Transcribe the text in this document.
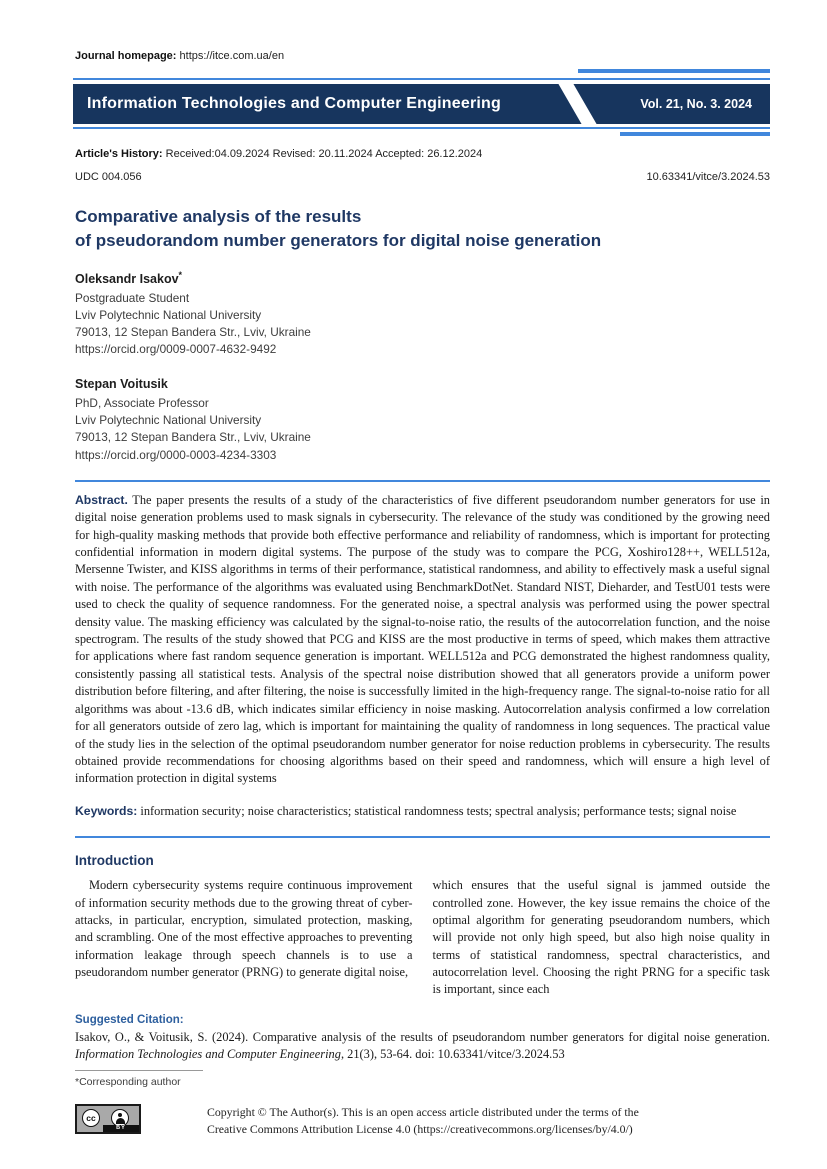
Journal homepage: https://itce.com.ua/en
Information Technologies and Computer Engineering	Vol. 21, No. 3. 2024
Article's History: Received:04.09.2024 Revised: 20.11.2024 Accepted: 26.12.2024
UDC 004.056	10.63341/vitce/3.2024.53
Comparative analysis of the results
of pseudorandom number generators for digital noise generation
Oleksandr Isakov*
Postgraduate Student
Lviv Polytechnic National University
79013, 12 Stepan Bandera Str., Lviv, Ukraine
https://orcid.org/0009-0007-4632-9492
Stepan Voitusik
PhD, Associate Professor
Lviv Polytechnic National University
79013, 12 Stepan Bandera Str., Lviv, Ukraine
https://orcid.org/0000-0003-4234-3303

Abstract. The paper presents the results of a study of the characteristics of five different pseudorandom number generators for use in digital noise generation problems used to mask signals in cybersecurity. The relevance of the study was conditioned by the growing need for high-quality masking methods that provide both effective performance and reliability of randomness, which is important for protecting confidential information in modern digital systems. The purpose of the study was to compare the PCG, Xoshiro128++, WELL512a, Mersenne Twister, and KISS algorithms in terms of their performance, statistical randomness, and ability to effectively mask a useful signal with noise. The performance of the algorithms was evaluated using BenchmarkDotNet. Standard NIST, Dieharder, and TestU01 tests were used to check the quality of sequence randomness. For the generated noise, a spectral analysis was performed using the power spectral density value. The masking efficiency was calculated by the signal-to-noise ratio, the results of the autocorrelation function, and the noise spectrogram. The results of the study showed that PCG and KISS are the most productive in terms of speed, which makes them attractive for applications where fast random sequence generation is important. WELL512a and PCG demonstrated the highest randomness quality, consistently passing all statistical tests. Analysis of the spectral noise distribution showed that all generators provide a uniform power distribution before filtering, and after filtering, the noise is successfully limited in the high-frequency range. The signal-to-noise ratio for all algorithms was about -13.6 dB, which indicates similar efficiency in noise masking. Autocorrelation analysis confirmed a low correlation for all generators outside of zero lag, which is important for maintaining the quality of randomness in long sequences. The practical value of the study lies in the selection of the optimal pseudorandom number generator for noise reduction problems in cybersecurity. The results obtained provide recommendations for choosing algorithms based on their speed and randomness, which will ensure a high level of information protection in digital systems

Keywords: information security; noise characteristics; statistical randomness tests; spectral analysis; performance tests; signal noise

Introduction
Modern cybersecurity systems require continuous improvement of information security methods due to the growing threat of cyber-attacks, in particular, encryption, simulated protection, masking, and scrambling. One of the most effective approaches to preventing information leakage through speech channels is to use a pseudorandom number generator (PRNG) to generate digital noise,
which ensures that the useful signal is jammed outside the controlled zone. However, the key issue remains the choice of the optimal algorithm for generating pseudorandom numbers, which will provide not only high speed, but also high noise quality in terms of statistical randomness, spectral characteristics, and autocorrelation level. Choosing the right PRNG for a specific task is important, since each
Suggested Citation:
Isakov, O., & Voitusik, S. (2024). Comparative analysis of the results of pseudorandom number generators for digital noise generation. Information Technologies and Computer Engineering, 21(3), 53-64. doi: 10.63341/vitce/3.2024.53
*Corresponding author
cc
BY
Copyright © The Author(s). This is an open access article distributed under the terms of the
Creative Commons Attribution License 4.0 (https://creativecommons.org/licenses/by/4.0/)
